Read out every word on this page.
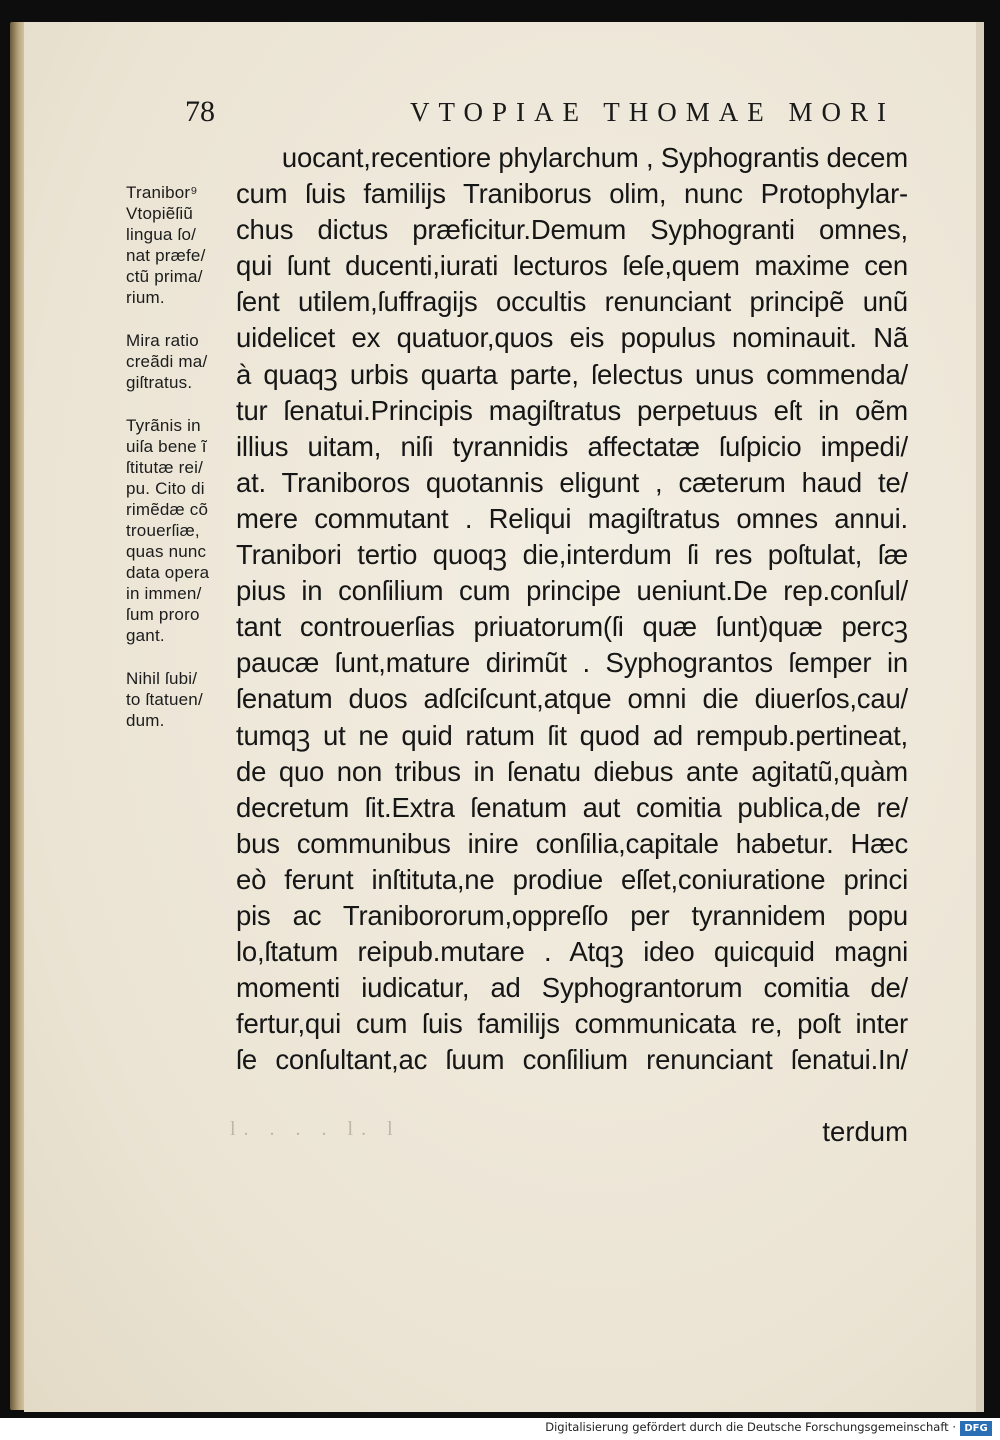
78	VTOPIAE THOMAE MORI
Tranibor⁹
Vtopiẽſiũ
lingua ſo/
nat præfe/
ctũ prima/
rium.
Mira ratio
creãdi ma/
giſtratus.
Tyrãnis in
uiſa bene ĩ
ſtitutæ rei/
pu. Cito di
rimẽdæ cõ
trouerſiæ,
quas nunc
data opera
in immen/
ſum proro
gant.
Nihil ſubi/
to ſtatuen/
dum.
uocant,recentiore phylarchum , Syphograntis decem
cum ſuis familijs Traniborus olim, nunc Protophylar-
chus dictus præficitur.Demum Syphogranti omnes,
qui ſunt ducenti,iurati lecturos ſeſe,quem maxime cen
ſent utilem,ſuffragijs occultis renunciant principẽ unũ
uidelicet ex quatuor,quos eis populus nominauit. Nã
à quaqꝫ urbis quarta parte, ſelectus unus commenda/
tur ſenatui.Principis magiſtratus perpetuus eſt in oẽm
illius uitam, niſi tyrannidis affectatæ ſuſpicio impedi/
at. Traniboros quotannis eligunt , cæterum haud te/
mere commutant . Reliqui magiſtratus omnes annui.
Tranibori tertio quoqꝫ die,interdum ſi res poſtulat, ſæ
pius in conſilium cum principe ueniunt.De rep.conſul/
tant controuerſias priuatorum(ſi quæ ſunt)quæ percꝫ
paucæ ſunt,mature dirimũt . Syphograntos ſemper in
ſenatum duos adſciſcunt,atque omni die diuerſos,cau/
tumqꝫ ut ne quid ratum ſit quod ad rempub.pertineat,
de quo non tribus in ſenatu diebus ante agitatũ,quàm
decretum ſit.Extra ſenatum aut comitia publica,de re/
bus communibus inire conſilia,capitale habetur. Hæc
eò ferunt inſtituta,ne prodiue eſſet,coniuratione princi
pis ac Tranibororum,oppreſſo per tyrannidem popu
lo,ſtatum reipub.mutare . Atqꝫ ideo quicquid magni
momenti iudicatur, ad Syphograntorum comitia de/
fertur,qui cum ſuis familijs communicata re, poſt inter
ſe conſultant,ac ſuum conſilium renunciant ſenatui.In/
l. . . . l. l	terdum
Digitalisierung gefördert durch die Deutsche Forschungsgemeinschaft · DFG
